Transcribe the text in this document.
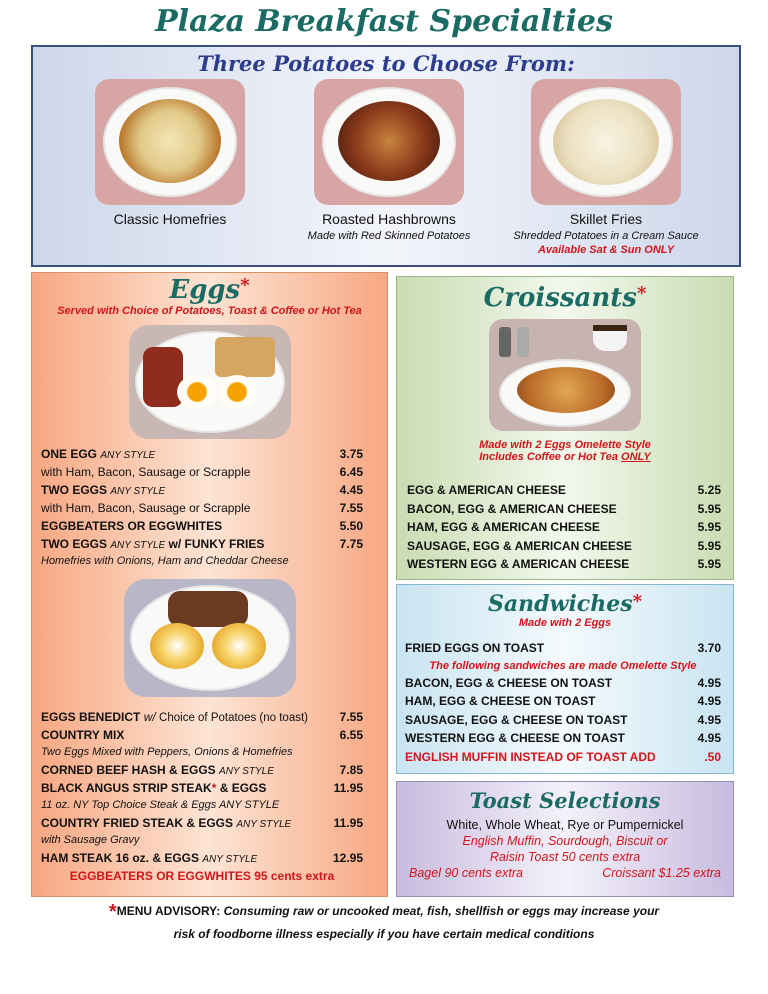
Plaza Breakfast Specialties
Three Potatoes to Choose From:
Classic Homefries	Roasted Hashbrowns
Made with Red Skinned Potatoes
Skillet Fries
Shredded Potatoes in a Cream Sauce
Available Sat & Sun ONLY
Eggs*
Served with Choice of Potatoes, Toast & Coffee or Hot Tea
ONE EGG ANY STYLE	3.75
with Ham, Bacon, Sausage or Scrapple	6.45
TWO EGGS ANY STYLE	4.45
with Ham, Bacon, Sausage or Scrapple	7.55
EGGBEATERS OR EGGWHITES	5.50
TWO EGGS ANY STYLE w/ FUNKY FRIES	7.75
Homefries with Onions, Ham and Cheddar Cheese
EGGS BENEDICT w/ Choice of Potatoes (no toast)	7.55
COUNTRY MIX	6.55
Two Eggs Mixed with Peppers, Onions & Homefries
CORNED BEEF HASH & EGGS ANY STYLE	7.85
BLACK ANGUS STRIP STEAK* & EGGS	11.95
11 oz. NY Top Choice Steak & Eggs ANY STYLE
COUNTRY FRIED STEAK & EGGS ANY STYLE	11.95
with Sausage Gravy
HAM STEAK 16 oz. & EGGS ANY STYLE	12.95
EGGBEATERS OR EGGWHITES 95 cents extra
Croissants*
Made with 2 Eggs Omelette Style
Includes Coffee or Hot Tea ONLY
EGG & AMERICAN CHEESE	5.25
BACON, EGG & AMERICAN CHEESE	5.95
HAM, EGG & AMERICAN CHEESE	5.95
SAUSAGE, EGG & AMERICAN CHEESE	5.95
WESTERN EGG & AMERICAN CHEESE	5.95
Sandwiches*
Made with 2 Eggs
FRIED EGGS ON TOAST	3.70
The following sandwiches are made Omelette Style
BACON, EGG & CHEESE ON TOAST	4.95
HAM, EGG & CHEESE ON TOAST	4.95
SAUSAGE, EGG & CHEESE ON TOAST	4.95
WESTERN EGG & CHEESE ON TOAST	4.95
ENGLISH MUFFIN INSTEAD OF TOAST ADD	.50
Toast Selections
White, Whole Wheat, Rye or Pumpernickel
English Muffin, Sourdough, Biscuit or
Raisin Toast 50 cents extra
Bagel 90 cents extra	Croissant $1.25 extra
*MENU ADVISORY: Consuming raw or uncooked meat, fish, shellfish or eggs may increase your
risk of foodborne illness especially if you have certain medical conditions
